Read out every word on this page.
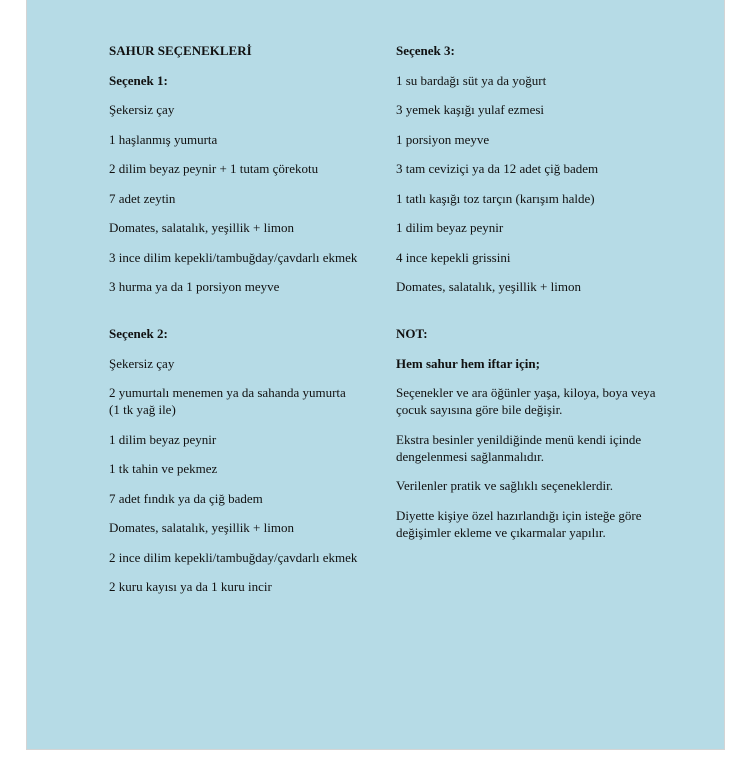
SAHUR SEÇENEKLERİ

Seçenek 1:

Şekersiz çay

1 haşlanmış yumurta

2 dilim beyaz peynir + 1 tutam çörekotu

7 adet zeytin

Domates, salatalık, yeşillik + limon

3 ince dilim kepekli/tambuğday/çavdarlı ekmek

3 hurma ya da 1 porsiyon meyve

Seçenek 2:

Şekersiz çay

2 yumurtalı menemen ya da sahanda yumurta (1 tk yağ ile)

1 dilim beyaz peynir

1 tk tahin ve pekmez

7 adet fındık ya da çiğ badem

Domates, salatalık, yeşillik + limon

2 ince dilim kepekli/tambuğday/çavdarlı ekmek

2 kuru kayısı ya da 1 kuru incir

Seçenek 3:

1 su bardağı süt ya da yoğurt

3 yemek kaşığı yulaf ezmesi

1 porsiyon meyve

3 tam ceviziçi ya da 12 adet çiğ badem

1 tatlı kaşığı toz tarçın (karışım halde)

1 dilim beyaz peynir

4 ince kepekli grissini

Domates, salatalık, yeşillik + limon

NOT:

Hem sahur hem iftar için;

Seçenekler ve ara öğünler yaşa, kiloya, boya veya çocuk sayısına göre bile değişir.

Ekstra besinler yenildiğinde menü kendi içinde dengelenmesi sağlanmalıdır.

Verilenler pratik ve sağlıklı seçeneklerdir.

Diyette kişiye özel hazırlandığı için isteğe göre değişimler ekleme ve çıkarmalar yapılır.
